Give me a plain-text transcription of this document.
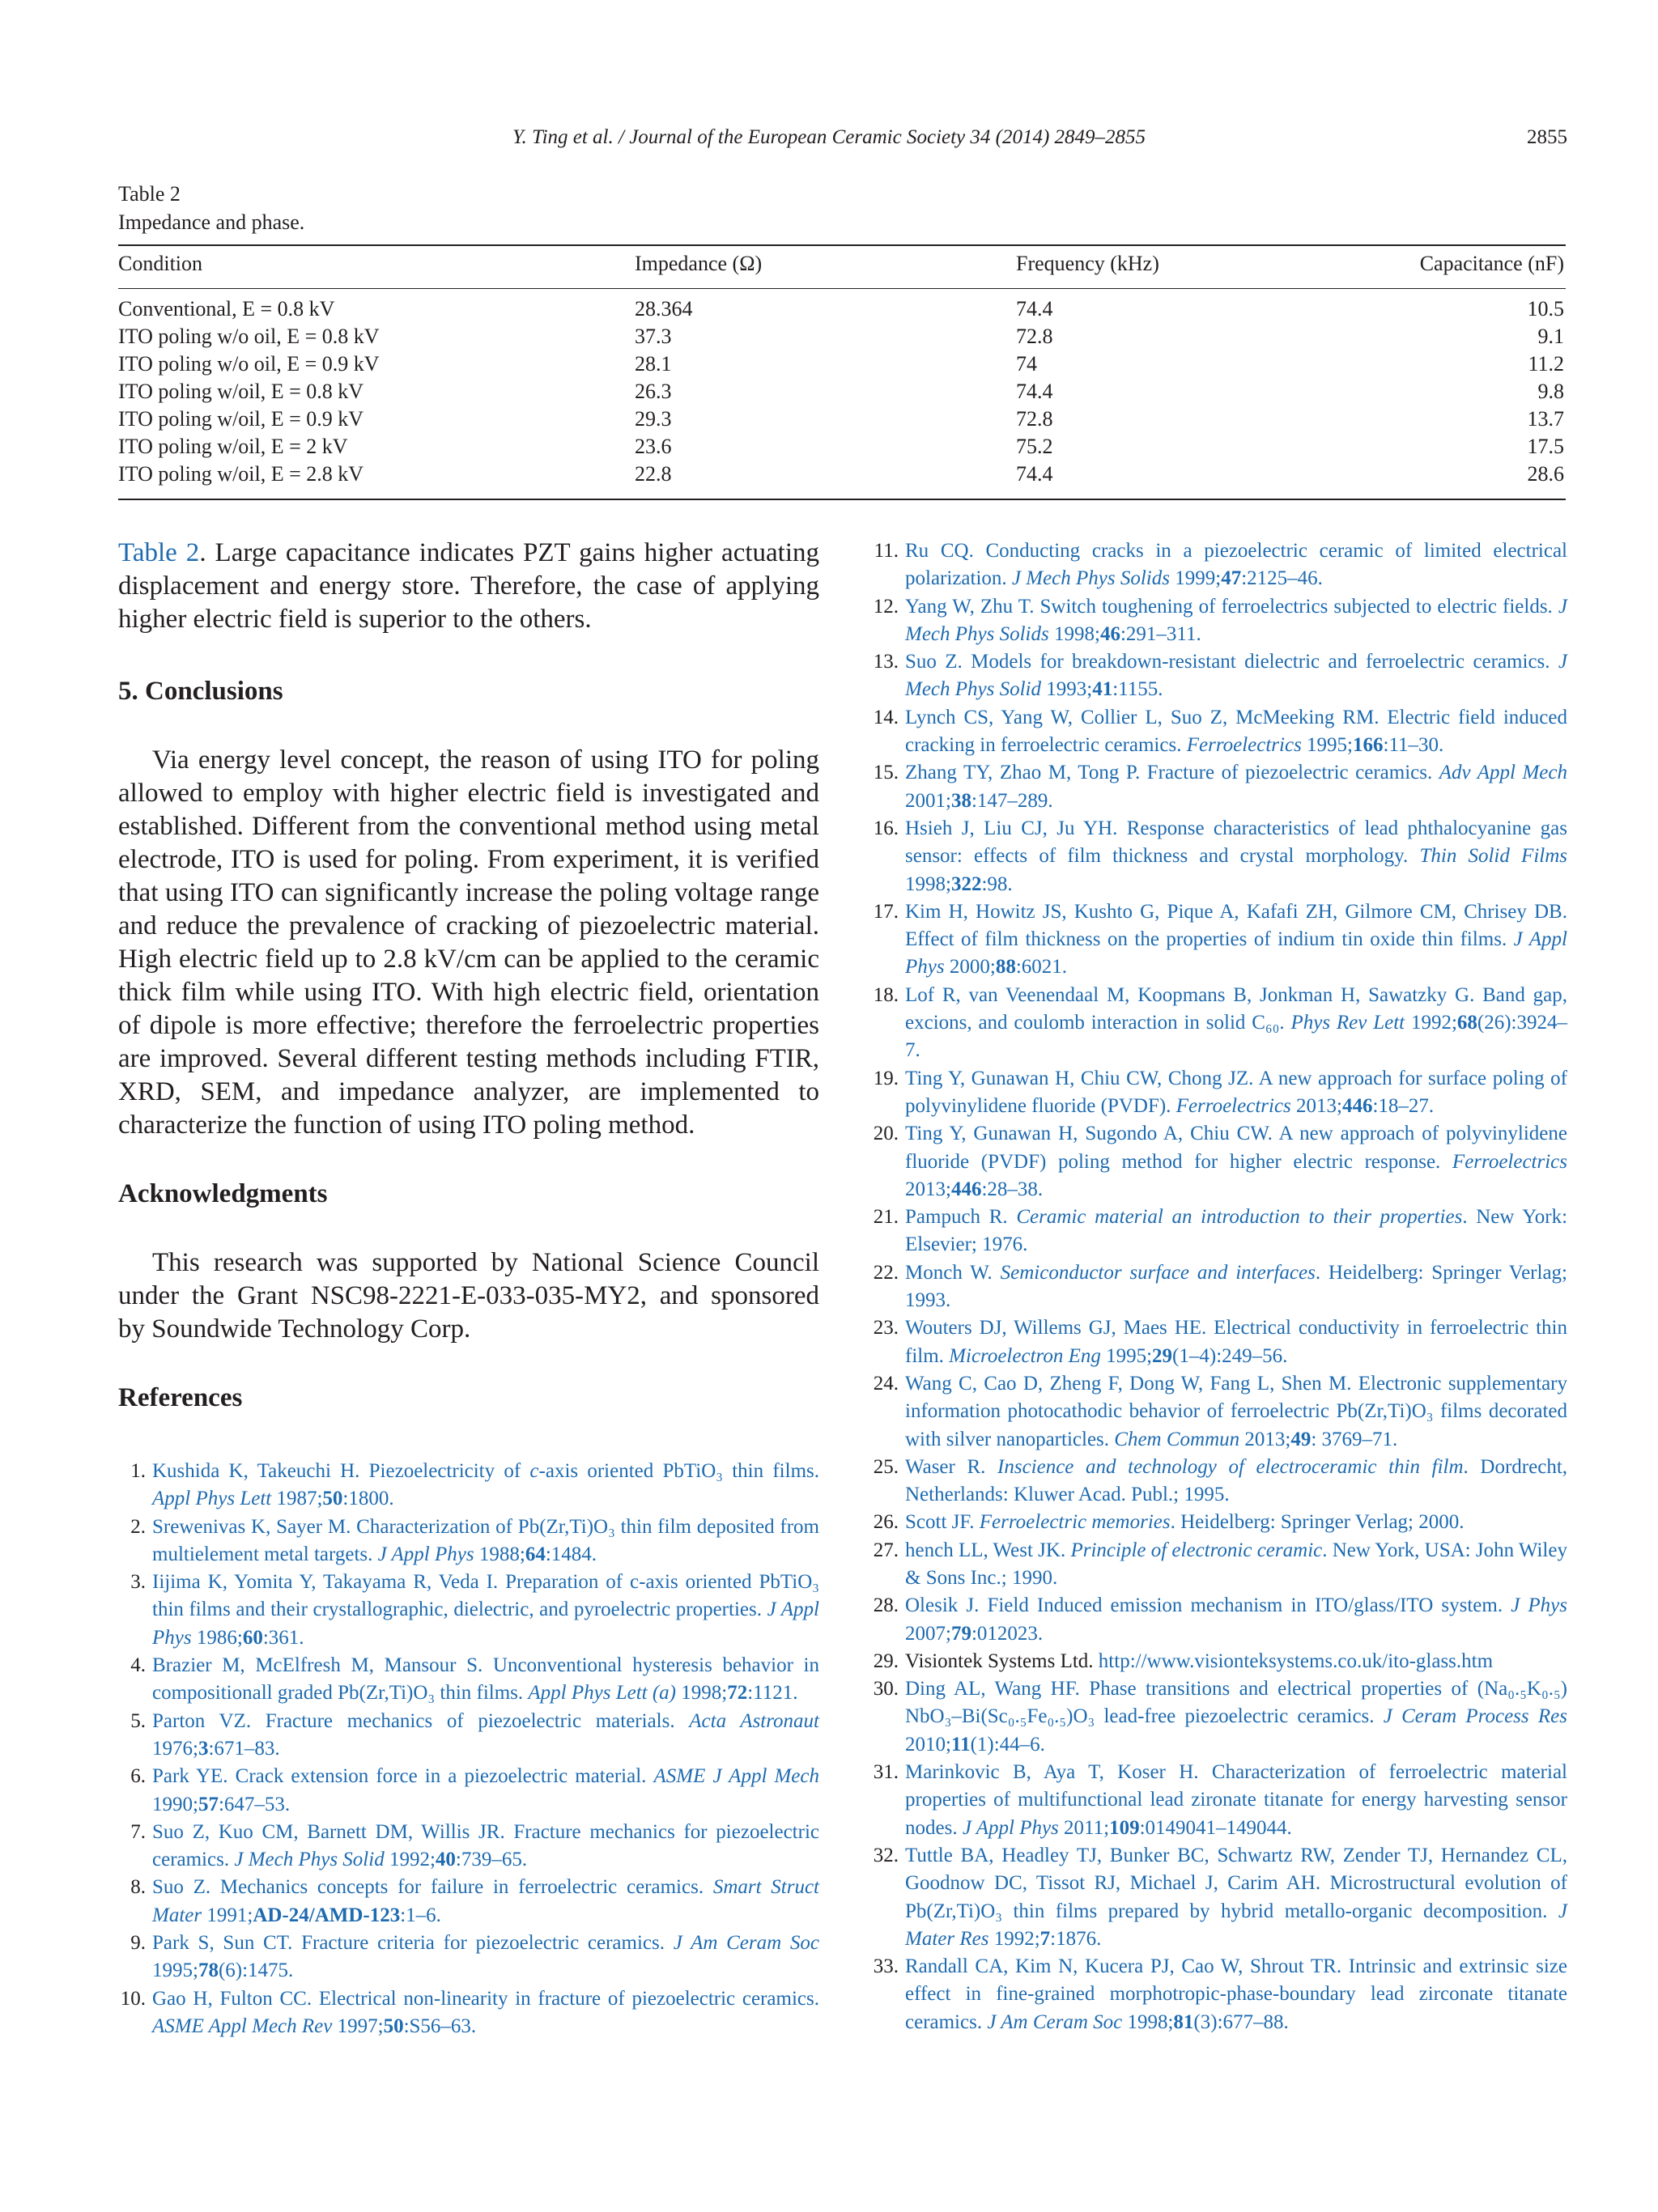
Y. Ting et al. / Journal of the European Ceramic Society 34 (2014) 2849–2855	2855
Table 2
Impedance and phase.
Condition	Impedance (Ω)	Frequency (kHz)	Capacitance (nF)
Conventional, E = 0.8 kV	28.364	74.4	10.5
ITO poling w/o oil, E = 0.8 kV	37.3	72.8	9.1
ITO poling w/o oil, E = 0.9 kV	28.1	74	11.2
ITO poling w/oil, E = 0.8 kV	26.3	74.4	9.8
ITO poling w/oil, E = 0.9 kV	29.3	72.8	13.7
ITO poling w/oil, E = 2 kV	23.6	75.2	17.5
ITO poling w/oil, E = 2.8 kV	22.8	74.4	28.6

Table 2. Large capacitance indicates PZT gains higher actuating displacement and energy store. Therefore, the case of applying higher electric field is superior to the others.

5. Conclusions

Via energy level concept, the reason of using ITO for poling allowed to employ with higher electric field is investigated and established. Different from the conventional method using metal electrode, ITO is used for poling. From experiment, it is verified that using ITO can significantly increase the poling voltage range and reduce the prevalence of cracking of piezoelectric material. High electric field up to 2.8 kV/cm can be applied to the ceramic thick film while using ITO. With high electric field, orientation of dipole is more effective; therefore the ferroelectric properties are improved. Several different testing methods including FTIR, XRD, SEM, and impedance analyzer, are implemented to characterize the function of using ITO poling method.

Acknowledgments

This research was supported by National Science Council under the Grant NSC98-2221-E-033-035-MY2, and sponsored by Soundwide Technology Corp.

References

1. Kushida K, Takeuchi H. Piezoelectricity of c-axis oriented PbTiO₃ thin films. Appl Phys Lett 1987;50:1800.

2. Srewenivas K, Sayer M. Characterization of Pb(Zr,Ti)O₃ thin film deposited from multielement metal targets. J Appl Phys 1988;64:1484.

3. Iijima K, Yomita Y, Takayama R, Veda I. Preparation of c-axis oriented PbTiO₃ thin films and their crystallographic, dielectric, and pyroelectric properties. J Appl Phys 1986;60:361.

4. Brazier M, McElfresh M, Mansour S. Unconventional hysteresis behavior in compositionall graded Pb(Zr,Ti)O₃ thin films. Appl Phys Lett (a) 1998;72:1121.

5. Parton VZ. Fracture mechanics of piezoelectric materials. Acta Astronaut 1976;3:671–83.

6. Park YE. Crack extension force in a piezoelectric material. ASME J Appl Mech 1990;57:647–53.

7. Suo Z, Kuo CM, Barnett DM, Willis JR. Fracture mechanics for piezoelectric ceramics. J Mech Phys Solid 1992;40:739–65.

8. Suo Z. Mechanics concepts for failure in ferroelectric ceramics. Smart Struct Mater 1991;AD-24/AMD-123:1–6.

9. Park S, Sun CT. Fracture criteria for piezoelectric ceramics. J Am Ceram Soc 1995;78(6):1475.

10. Gao H, Fulton CC. Electrical non-linearity in fracture of piezoelectric ceramics. ASME Appl Mech Rev 1997;50:S56–63.

11. Ru CQ. Conducting cracks in a piezoelectric ceramic of limited electrical polarization. J Mech Phys Solids 1999;47:2125–46.

12. Yang W, Zhu T. Switch toughening of ferroelectrics subjected to electric fields. J Mech Phys Solids 1998;46:291–311.

13. Suo Z. Models for breakdown-resistant dielectric and ferroelectric ceramics. J Mech Phys Solid 1993;41:1155.

14. Lynch CS, Yang W, Collier L, Suo Z, McMeeking RM. Electric field induced cracking in ferroelectric ceramics. Ferroelectrics 1995;166:11–30.

15. Zhang TY, Zhao M, Tong P. Fracture of piezoelectric ceramics. Adv Appl Mech 2001;38:147–289.

16. Hsieh J, Liu CJ, Ju YH. Response characteristics of lead phthalocyanine gas sensor: effects of film thickness and crystal morphology. Thin Solid Films 1998;322:98.

17. Kim H, Howitz JS, Kushto G, Pique A, Kafafi ZH, Gilmore CM, Chrisey DB. Effect of film thickness on the properties of indium tin oxide thin films. J Appl Phys 2000;88:6021.

18. Lof R, van Veenendaal M, Koopmans B, Jonkman H, Sawatzky G. Band gap, excions, and coulomb interaction in solid C₆₀. Phys Rev Lett 1992;68(26):3924–7.

19. Ting Y, Gunawan H, Chiu CW, Chong JZ. A new approach for surface poling of polyvinylidene fluoride (PVDF). Ferroelectrics 2013;446:18–27.

20. Ting Y, Gunawan H, Sugondo A, Chiu CW. A new approach of polyvinylidene fluoride (PVDF) poling method for higher electric response. Ferroelectrics 2013;446:28–38.

21. Pampuch R. Ceramic material an introduction to their properties. New York: Elsevier; 1976.

22. Monch W. Semiconductor surface and interfaces. Heidelberg: Springer Verlag; 1993.

23. Wouters DJ, Willems GJ, Maes HE. Electrical conductivity in ferroelectric thin film. Microelectron Eng 1995;29(1–4):249–56.

24. Wang C, Cao D, Zheng F, Dong W, Fang L, Shen M. Electronic supplementary information photocathodic behavior of ferroelectric Pb(Zr,Ti)O₃ films decorated with silver nanoparticles. Chem Commun 2013;49: 3769–71.

25. Waser R. Inscience and technology of electroceramic thin film. Dordrecht, Netherlands: Kluwer Acad. Publ.; 1995.

26. Scott JF. Ferroelectric memories. Heidelberg: Springer Verlag; 2000.

27. hench LL, West JK. Principle of electronic ceramic. New York, USA: John Wiley & Sons Inc.; 1990.

28. Olesik J. Field Induced emission mechanism in ITO/glass/ITO system. J Phys 2007;79:012023.

29. Visiontek Systems Ltd. http://www.visionteksystems.co.uk/ito-glass.htm

30. Ding AL, Wang HF. Phase transitions and electrical properties of (Na₀.₅K₀.₅) NbO₃–Bi(Sc₀.₅Fe₀.₅)O₃ lead-free piezoelectric ceramics. J Ceram Process Res 2010;11(1):44–6.

31. Marinkovic B, Aya T, Koser H. Characterization of ferroelectric material properties of multifunctional lead zironate titanate for energy harvesting sensor nodes. J Appl Phys 2011;109:0149041–149044.

32. Tuttle BA, Headley TJ, Bunker BC, Schwartz RW, Zender TJ, Hernandez CL, Goodnow DC, Tissot RJ, Michael J, Carim AH. Microstructural evolution of Pb(Zr,Ti)O₃ thin films prepared by hybrid metallo-organic decomposition. J Mater Res 1992;7:1876.

33. Randall CA, Kim N, Kucera PJ, Cao W, Shrout TR. Intrinsic and extrinsic size effect in fine-grained morphotropic-phase-boundary lead zirconate titanate ceramics. J Am Ceram Soc 1998;81(3):677–88.
